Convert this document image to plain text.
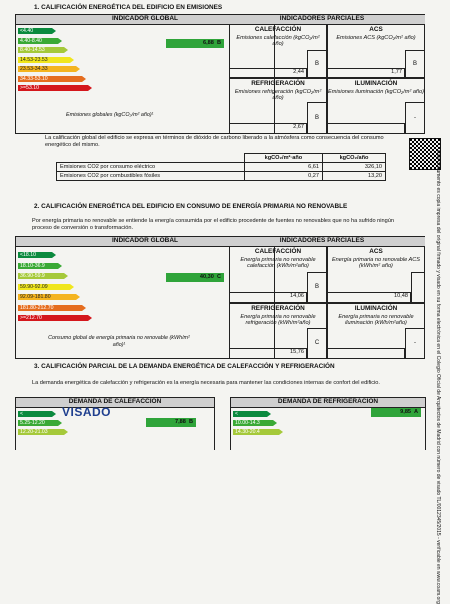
1. CALIFICACIÓN ENERGÉTICA DEL EDIFICIO EN EMISIONES
INDICADOR GLOBAL
<4.40
4.40-8.40
8.40-14.53
14.53-23.53
23.53-34.33
34.33-53.10
>=53.10
6,88 B
Emisiones globales (kgCO₂/m² año)¹
INDICADORES PARCIALES
CALEFACCIÓN
Emisiones calefacción (kgCO₂/m² año)
2,44
B
ACS
Emisiones ACS (kgCO₂/m² año)
1,77
B
REFRIGERACIÓN
Emisiones refrigeración (kgCO₂/m² año)
2,67
B
ILUMINACIÓN
Emisiones iluminación (kgCO₂/m² año)
-
La calificación global del edificio se expresa en términos de dióxido de carbono liberado a la atmósfera como consecuencia del consumo energético del mismo.
	kgCO₂/m²·año	kgCO₂/año
Emisiones CO2 por consumo eléctrico	6,61	326,10
Emisiones CO2 por combustibles fósiles	0,27	13,20
2. CALIFICACIÓN ENERGÉTICA DEL EDIFICIO EN CONSUMO DE ENERGÍA PRIMARIA NO RENOVABLE
Por energía primaria no renovable se entiende la energía consumida por el edificio procedente de fuentes no renovables que no ha sufrido ningún proceso de conversión o transformación.
INDICADOR GLOBAL
<18.10
18.10-36.9
36.90-59.9
59.90-92.09
92.09-181.80
181.80-212.70
>=212.70
40,30 C
Consumo global de energía primaria no renovable (kWh/m² año)¹
INDICADORES PARCIALES
CALEFACCIÓN
Energía primaria no renovable calefacción (kWh/m²año)
14,06
B
ACS
Energía primaria no renovable ACS (kWh/m² año)
10,48
REFRIGERACIÓN
Energía primaria no renovable refrigeración (kWh/m²año)
15,76
C
ILUMINACIÓN
Energía primaria no renovable iluminación (kWh/m²año)
-
3. CALIFICACIÓN PARCIAL DE LA DEMANDA ENERGÉTICA DE CALEFACCIÓN Y REFRIGERACIÓN
La demanda energética de calefacción y refrigeración es la energía necesaria para mantener las condiciones internas de confort del edificio.
DEMANDA DE CALEFACCIÓN
<
5.25-12.20
12.20-21.03
7,88 B
DEMANDA DE REFRIGERACIÓN
<
10.00-14.3
14.30-20.4
9,85 A
VISADO	Este documento es copia impresa del original firmado y visado en su forma electrónica en el Colegio Oficial de Arquitectos de Madrid con número de visado TL/0012345/2015 - verificable en www.coam.org
